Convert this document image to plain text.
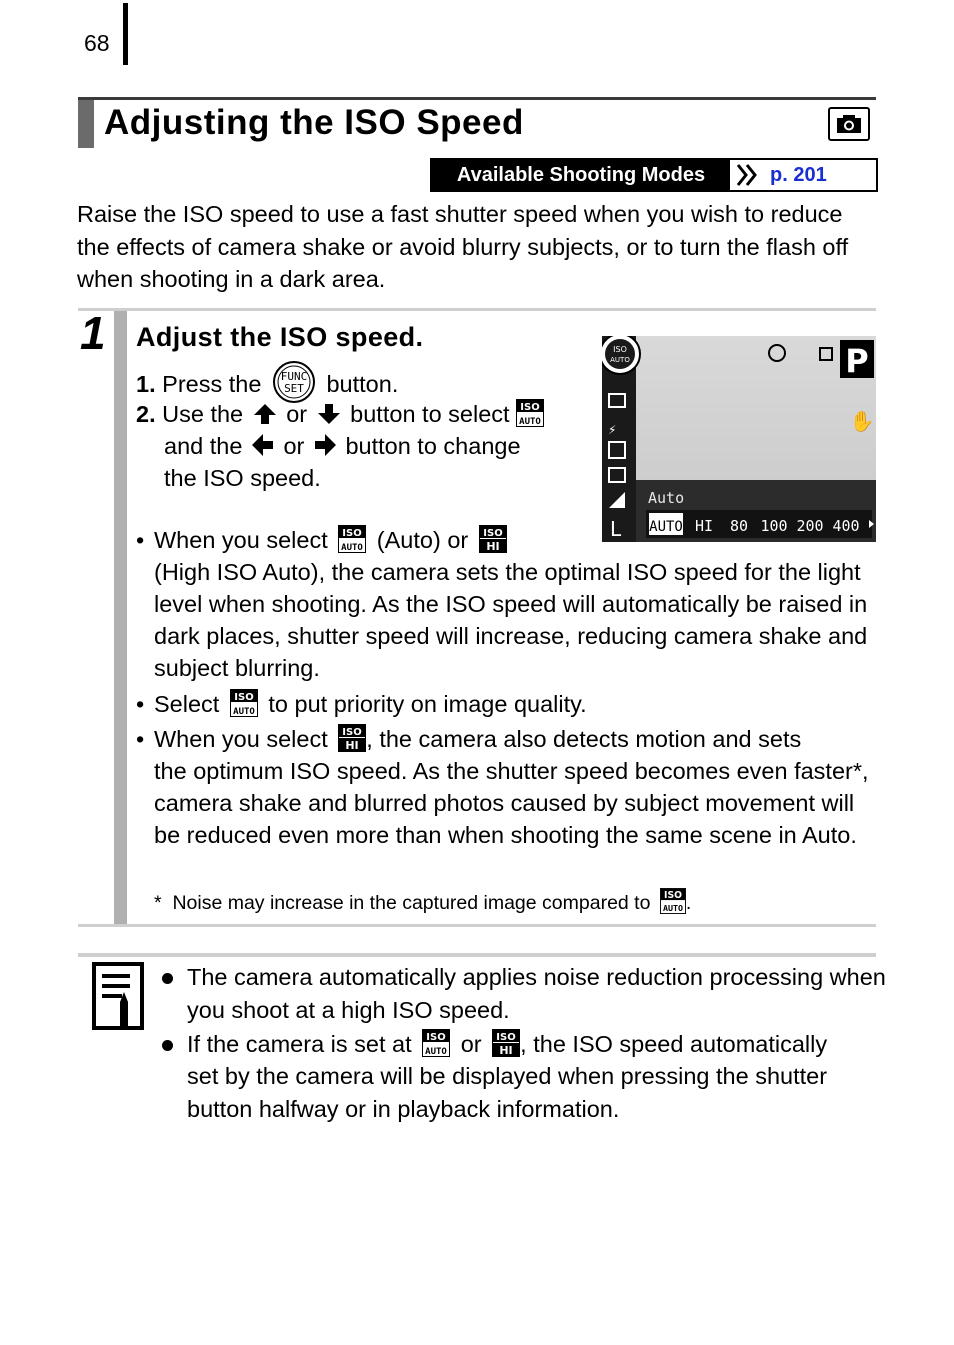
68
Adjusting the ISO Speed
Available Shooting Modes	p. 201
Raise the ISO speed to use a fast shutter speed when you wish to reduce the effects of camera shake or avoid blurry subjects, or to turn the flash off when shooting in a dark area.
1 Adjust the ISO speed.
1. Press the FUNC
SET button.
2. Use the or button to select ISO
AUTO
and the or button to change
the ISO speed.
⚡
L
ISO
AUTO	P
✋
Auto
AUTO HI 80 100 200 400
• When you select ISO
AUTO (Auto) or ISO
HI
(High ISO Auto), the camera sets the optimal ISO speed for the light level when shooting. As the ISO speed will automatically be raised in dark places, shutter speed will increase, reducing camera shake and subject blurring.
• Select ISO
AUTO to put priority on image quality.
• When you select ISO
HI , the camera also detects motion and sets
the optimum ISO speed. As the shutter speed becomes even faster*, camera shake and blurred photos caused by subject movement will be reduced even more than when shooting the same scene in Auto.
* Noise may increase in the captured image compared to ISO
AUTO .
The camera automatically applies noise reduction processing when you shoot at a high ISO speed.
If the camera is set at ISO
AUTO or ISO
HI , the ISO speed automatically
set by the camera will be displayed when pressing the shutter button halfway or in playback information.
